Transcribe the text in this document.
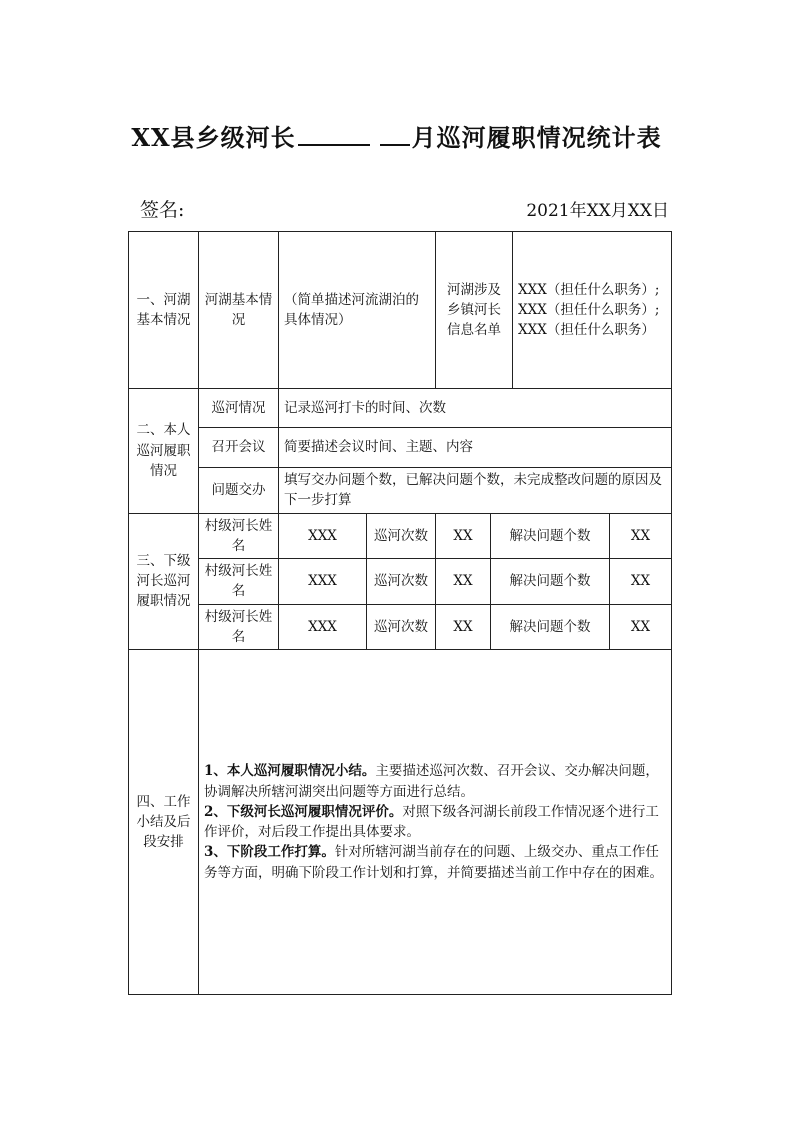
XX县乡级河长	月巡河履职情况统计表
签名:	2021年XX月XX日
一、河湖基本情况	河湖基本情况	（简单描述河流湖泊的具体情况）		河湖涉及乡镇河长信息名单		XXX（担任什么职务）;
XXX（担任什么职务）;
XXX（担任什么职务）	

二、本人巡河履职情况	巡河情况	记录巡河打卡的时间、次数					
	召开会议	简要描述会议时间、主题、内容					
	问题交办	填写交办问题个数，已解决问题个数，未完成整改问题的原因及下一步打算					
三、下级河长巡河履职情况	村级河长姓名	XXX	巡河次数	XX	解决问题个数		XX
	村级河长姓名	XXX	巡河次数	XX	解决问题个数		XX
	村级河长姓名	XXX	巡河次数	XX	解决问题个数		XX
四、工作小结及后段安排	1、本人巡河履职情况小结。主要描述巡河次数、召开会议、交办解决问题，协调解决所辖河湖突出问题等方面进行总结。

2、下级河长巡河履职情况评价。对照下级各河湖长前段工作情况逐个进行工作评价，对后段工作提出具体要求。

3、下阶段工作打算。针对所辖河湖当前存在的问题、上级交办、重点工作任务等方面，明确下阶段工作计划和打算，并简要描述当前工作中存在的困难。						
